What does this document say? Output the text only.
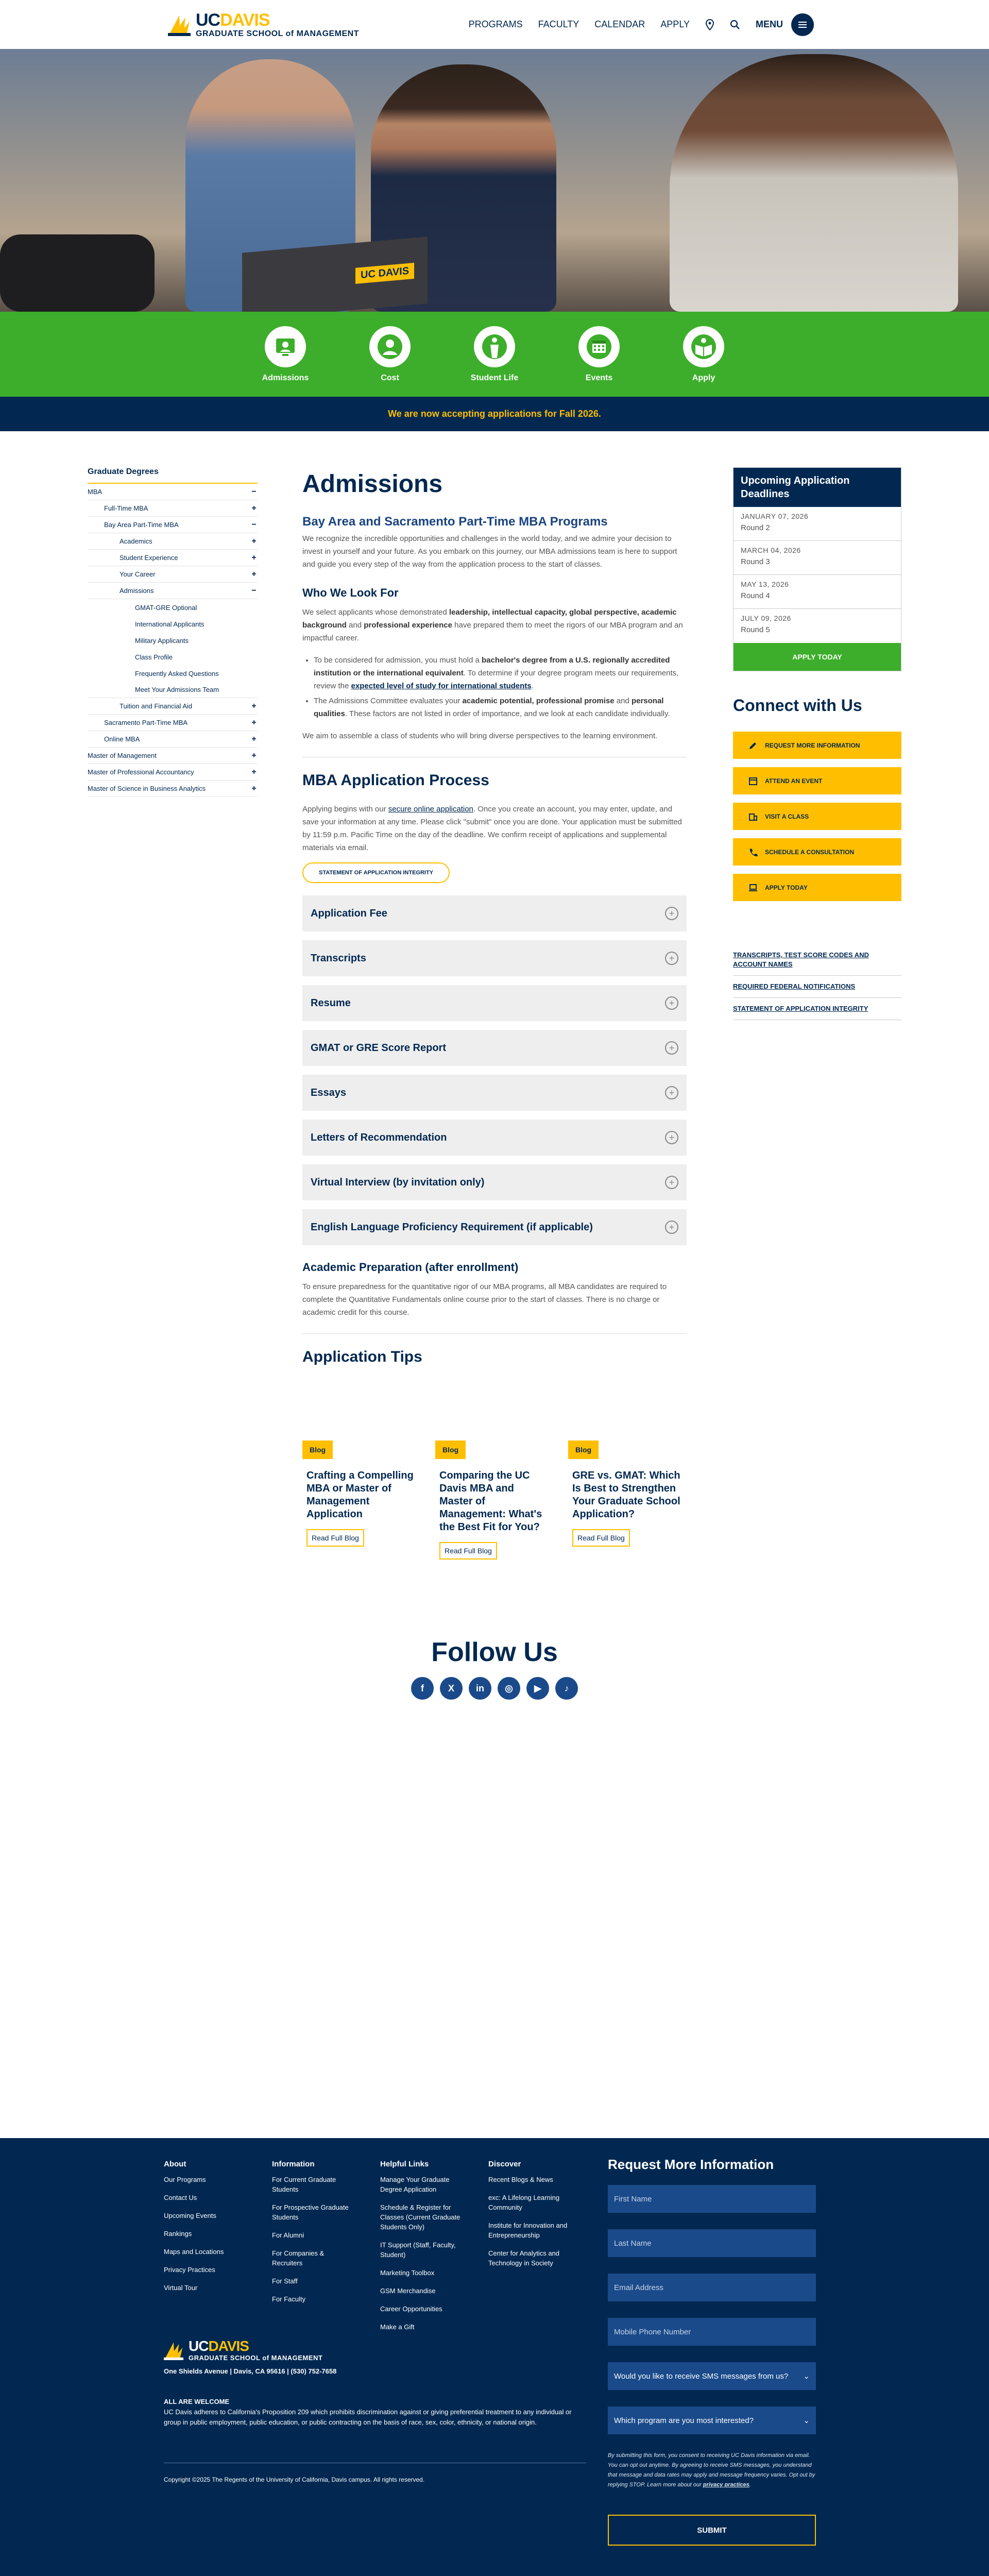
UCDAVIS
GRADUATE SCHOOL of MANAGEMENT
PROGRAMS FACULTY CALENDAR APPLY	MENU
UC DAVIS
Admissions	Cost	Student Life	Events	Apply
We are now accepting applications for Fall 2026.
Graduate Degrees
MBA	−
Full-Time MBA	+
Bay Area Part-Time MBA	−
Academics	+
Student Experience	+
Your Career	+
Admissions	−
GMAT-GRE Optional
International Applicants
Military Applicants
Class Profile
Frequently Asked Questions
Meet Your Admissions Team
Tuition and Financial Aid	+
Sacramento Part-Time MBA	+
Online MBA	+
Master of Management	+
Master of Professional Accountancy	+
Master of Science in Business Analytics	+
Admissions
Bay Area and Sacramento Part-Time MBA Programs

We recognize the incredible opportunities and challenges in the world today, and we admire your decision to invest in yourself and your future. As you embark on this journey, our MBA admissions team is here to support and guide you every step of the way from the application process to the start of classes.

Who We Look For

We select applicants whose demonstrated leadership, intellectual capacity, global perspective, academic background and professional experience have prepared them to meet the rigors of our MBA program and an impactful career.

• To be considered for admission, you must hold a bachelor's degree from a U.S. regionally accredited institution or the international equivalent. To determine if your degree program meets our requirements, review the expected level of study for international students.
• The Admissions Committee evaluates your academic potential, professional promise and personal qualities. These factors are not listed in order of importance, and we look at each candidate individually.

We aim to assemble a class of students who will bring diverse perspectives to the learning environment.

MBA Application Process

Applying begins with our secure online application. Once you create an account, you may enter, update, and save your information at any time. Please click "submit" once you are done. Your application must be submitted by 11:59 p.m. Pacific Time on the day of the deadline. We confirm receipt of applications and supplemental materials via email.

STATEMENT OF APPLICATION INTEGRITY
Application Fee	+
Transcripts	+
Resume	+
GMAT or GRE Score Report	+
Essays	+
Letters of Recommendation	+
Virtual Interview (by invitation only)	+
English Language Proficiency Requirement (if applicable)	+
Academic Preparation (after enrollment)

To ensure preparedness for the quantitative rigor of our MBA programs, all MBA candidates are required to complete the Quantitative Fundamentals online course prior to the start of classes. There is no charge or academic credit for this course.

Application Tips
Blog
Crafting a Compelling MBA or Master of Management Application
Read Full Blog
Blog
Comparing the UC Davis MBA and Master of Management: What's the Best Fit for You?
Read Full Blog
Blog
GRE vs. GMAT: Which Is Best to Strengthen Your Graduate School Application?
Read Full Blog
Upcoming Application Deadlines
JANUARY 07, 2026
Round 2
MARCH 04, 2026
Round 3
MAY 13, 2026
Round 4
JULY 09, 2026
Round 5
APPLY TODAY
Connect with Us
REQUEST MORE INFORMATION
ATTEND AN EVENT
VISIT A CLASS
SCHEDULE A CONSULTATION
APPLY TODAY
TRANSCRIPTS, TEST SCORE CODES AND ACCOUNT NAMES
REQUIRED FEDERAL NOTIFICATIONS
STATEMENT OF APPLICATION INTEGRITY
Follow Us
f	X	in	◎	▶	♪
About
Our Programs
Contact Us
Upcoming Events
Rankings
Maps and Locations
Privacy Practices
Virtual Tour
Information
For Current Graduate Students
For Prospective Graduate Students
For Alumni
For Companies & Recruiters
For Staff
For Faculty
Helpful Links
Manage Your Graduate Degree Application
Schedule & Register for Classes (Current Graduate Students Only)
IT Support (Staff, Faculty, Student)
Marketing Toolbox
GSM Merchandise
Career Opportunities
Make a Gift
Discover
Recent Blogs & News
exc: A Lifelong Learning Community
Institute for Innovation and Entrepreneurship
Center for Analytics and Technology in Society
UCDAVIS
GRADUATE SCHOOL of MANAGEMENT
One Shields Avenue | Davis, CA 95616 | (530) 752-7658
ALL ARE WELCOME
UC Davis adheres to California's Proposition 209 which prohibits discrimination against or giving preferential treatment to any individual or group in public employment, public education, or public contracting on the basis of race, sex, color, ethnicity, or national origin.
Copyright ©2025 The Regents of the University of California, Davis campus. All rights reserved.
Request More Information
First Name
Last Name
Email Address
Mobile Phone Number
Would you like to receive SMS messages from us? ⌄
Which program are you most interested?	⌄

By submitting this form, you consent to receiving UC Davis information via email. You can opt out anytime. By agreeing to receive SMS messages, you understand that message and data rates may apply and message frequency varies. Opt out by replying STOP. Learn more about our privacy practices.

SUBMIT
